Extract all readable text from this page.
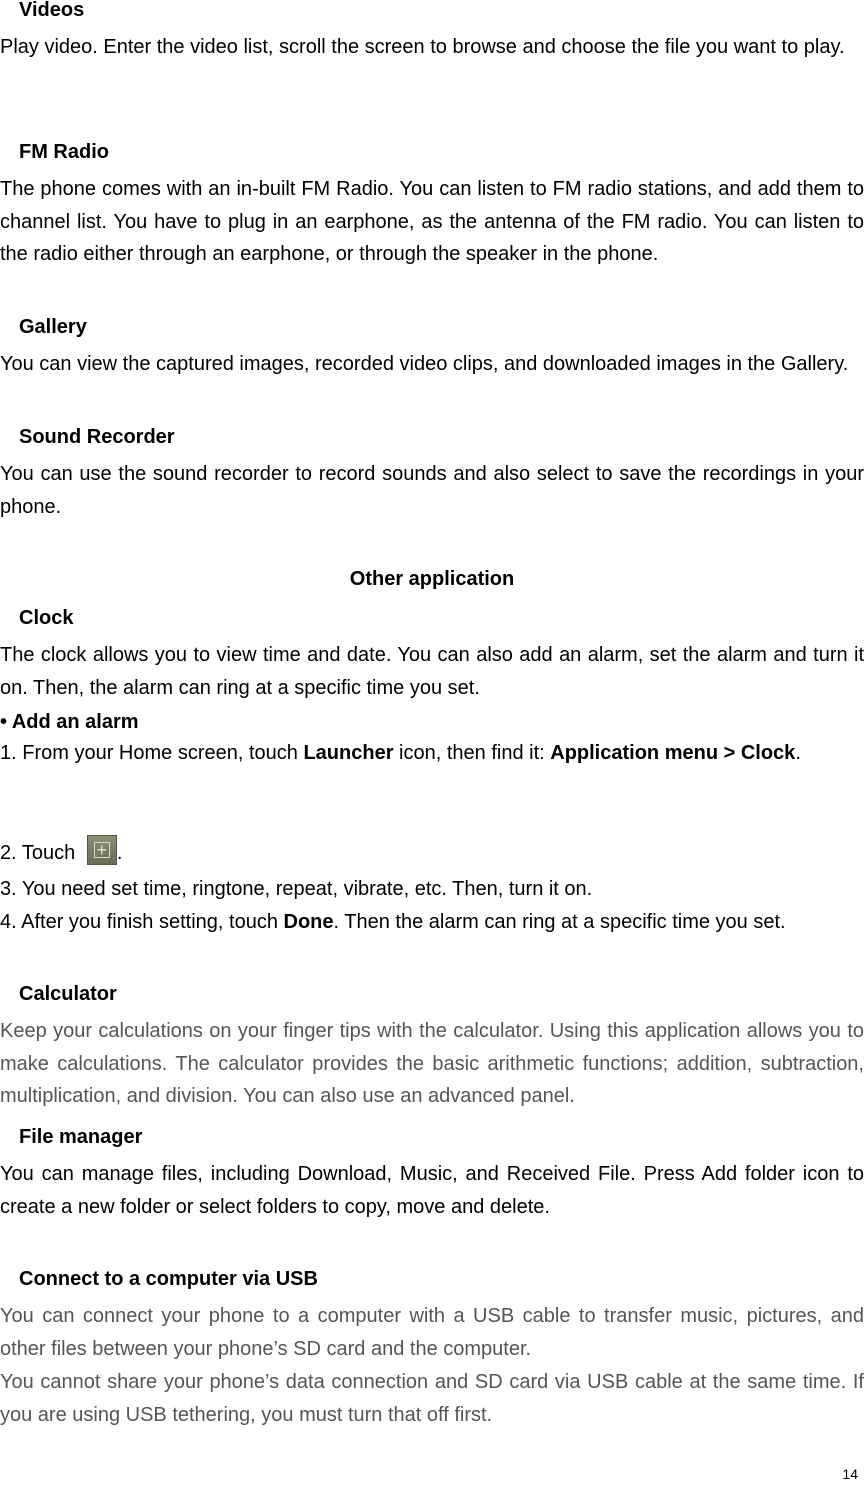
Videos
Play video. Enter the video list, scroll the screen to browse and choose the file you want to play.
FM Radio
The phone comes with an in-built FM Radio. You can listen to FM radio stations, and add them to channel list. You have to plug in an earphone, as the antenna of the FM radio. You can listen to the radio either through an earphone, or through the speaker in the phone.
Gallery
You can view the captured images, recorded video clips, and downloaded images in the Gallery.
Sound Recorder
You can use the sound recorder to record sounds and also select to save the recordings in your phone.
Other application
Clock
The clock allows you to view time and date. You can also add an alarm, set the alarm and turn it on. Then, the alarm can ring at a specific time you set.
• Add an alarm
1. From your Home screen, touch Launcher icon, then find it: Application menu > Clock.
2. Touch +.
3. You need set time, ringtone, repeat, vibrate, etc. Then, turn it on.
4. After you finish setting, touch Done. Then the alarm can ring at a specific time you set.
Calculator
Keep your calculations on your finger tips with the calculator. Using this application allows you to make calculations. The calculator provides the basic arithmetic functions; addition, subtraction, multiplication, and division. You can also use an advanced panel.
File manager
You can manage files, including Download, Music, and Received File. Press Add folder icon to create a new folder or select folders to copy, move and delete.
Connect to a computer via USB
You can connect your phone to a computer with a USB cable to transfer music, pictures, and other files between your phone’s SD card and the computer.
You cannot share your phone’s data connection and SD card via USB cable at the same time. If you are using USB tethering, you must turn that off first.
14
